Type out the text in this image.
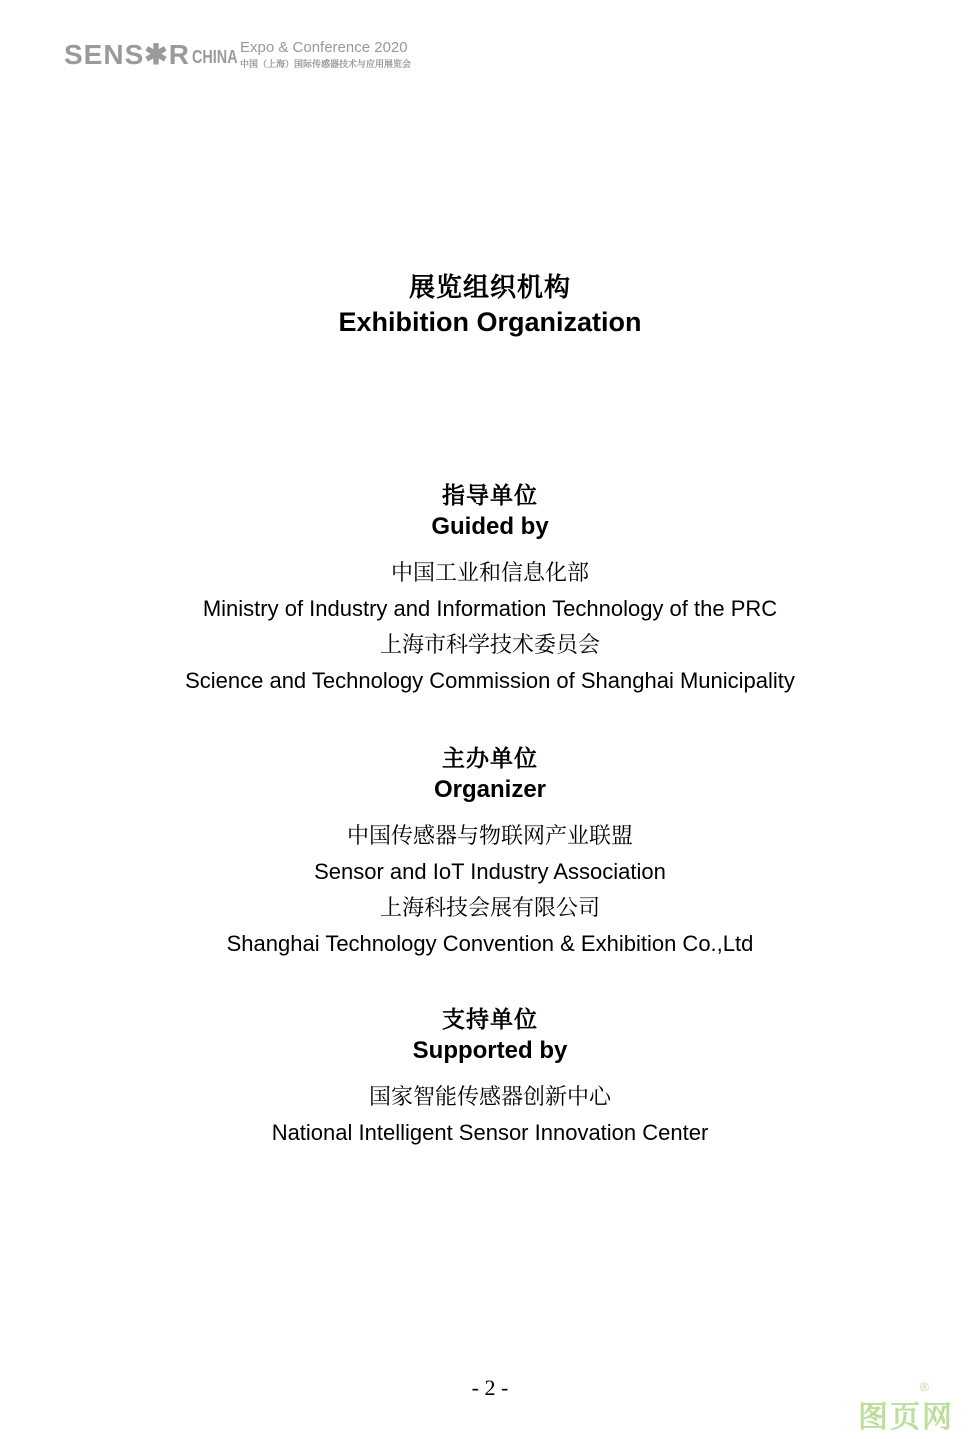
SENS✱R CHINA Expo & Conference 2020
中国（上海）国际传感器技术与应用展览会
展览组织机构
Exhibition Organization
指导单位
Guided by
中国工业和信息化部
Ministry of Industry and Information Technology of the PRC
上海市科学技术委员会
Science and Technology Commission of Shanghai Municipality
主办单位
Organizer
中国传感器与物联网产业联盟
Sensor and IoT Industry Association
上海科技会展有限公司
Shanghai Technology Convention & Exhibition Co.,Ltd
支持单位
Supported by
国家智能传感器创新中心
National Intelligent Sensor Innovation Center
- 2 -
图页网
®
